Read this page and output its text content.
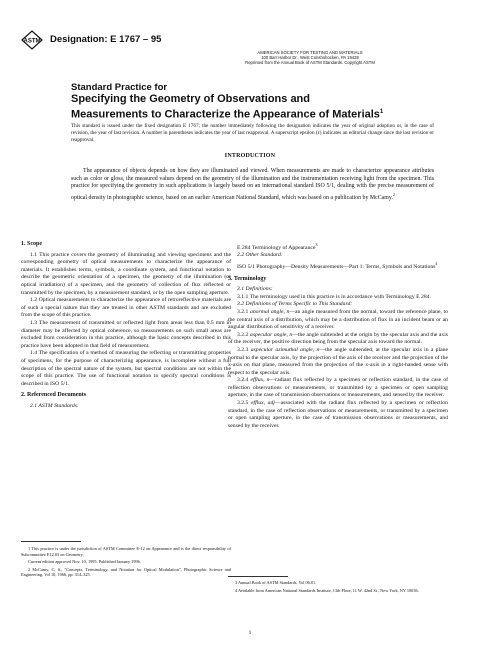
ASTM Designation: E 1767 – 95
AMERICAN SOCIETY FOR TESTING AND MATERIALS
100 Barr Harbor Dr., West Conshohocken, PA 19428
Reprinted from the Annual Book of ASTM Standards. Copyright ASTM
Standard Practice for
Specifying the Geometry of Observations and
Measurements to Characterize the Appearance of Materials$^1$
This standard is issued under the fixed designation E 1767; the number immediately following the designation indicates the year of original adoption or, in the case of revision, the year of last revision. A number in parentheses indicates the year of last reapproval. A superscript epsilon (ε) indicates an editorial change since the last revision or reapproval.
INTRODUCTION
The appearance of objects depends on how they are illuminated and viewed. When measurements are made to characterize appearance attributes such as color or gloss, the measured values depend on the geometry of the illumination and the instrumentation receiving light from the specimen. This practice for specifying the geometry in such applications is largely based on an international standard ISO 5/1, dealing with the precise measurement of optical density in photographic science, based on an earlier American National Standard, which was based on a publication by McCamy.$^2$
1. Scope

1.1 This practice covers the geometry of illuminating and viewing specimens and the corresponding geometry of optical measurements to characterize the appearance of materials. It establishes terms, symbols, a coordinate system, and functional notation to describe the geometric orientation of a specimen, the geometry of the illumination (or optical irradiation) of a specimen, and the geometry of collection of flux reflected or transmitted by the specimen, by a measurement standard, or by the open sampling aperture.

1.2 Optical measurements to characterize the appearance of retroreflective materials are of such a special nature that they are treated in other ASTM standards and are excluded from the scope of this practice.

1.3 The measurement of transmitted or reflected light from areas less than 0.5 mm in diameter may be affected by optical coherence, so measurements on such small areas are excluded from consideration in this practice, although the basic concepts described in this practice have been adopted in that field of measurement.

1.4 The specification of a method of measuring the reflecting or transmitting properties of specimens, for the purpose of characterizing appearance, is incomplete without a full description of the spectral nature of the system, but spectral conditions are not within the scope of this practice. The use of functional notation to specify spectral conditions is described in ISO 5/1.

2. Referenced Documents

2.1 ASTM Standards:

E 284 Terminology of Appearance$^3$

2.2 Other Standard:

ISO 5/1 Photography—Density Measurements—Part 1: Terms, Symbols and Notations$^4$

3. Terminology

3.1 Definitions:

3.1.1 The terminology used in this practice is in accordance with Terminology E 284.

3.2 Definitions of Terms Specific to This Standard:

3.2.1 anormal angle, n—an angle measured from the normal, toward the reference plane, to the central axis of a distribution, which may be a distribution of flux in an incident beam or an angular distribution of sensitivity of a receiver.

3.2.2 aspecular angle, n—the angle subtended at the origin by the specular axis and the axis of the receiver, the positive direction being from the specular axis toward the normal.

3.2.3 aspecular azimuthal angle, n—the angle subtended, at the specular axis in a plane normal to the specular axis, by the projection of the axis of the receiver and the projection of the x-axis on that plane, measured from the projection of the x-axis in a right-handed sense with respect to the specular axis.

3.2.4 efflux, n—radiant flux reflected by a specimen or reflection standard, in the case of reflection observations or measurements, or transmitted by a specimen or open sampling aperture, in the case of transmission observations or measurements, and sensed by the receiver.

3.2.5 efflux, adj—associated with the radiant flux reflected by a specimen or reflection standard, in the case of reflection observations or measurements, or transmitted by a specimen or open sampling aperture, in the case of transmission observations or measurements, and sensed by the receiver.

1 This practice is under the jurisdiction of ASTM Committee E-12 on Appearance and is the direct responsibility of Subcommittee E12.03 on Geometry.

Current edition approved Nov. 10, 1995. Published January 1996.

2 McCamy, C. S., "Concepts, Terminology, and Notation for Optical Modulation", Photographic Science and Engineering, Vol 10, 1966, pp. 314–325.

3 Annual Book of ASTM Standards, Vol 06.01.

4 Available from American National Standards Institute, 13th Floor, 11 W. 42nd St., New York, NY 10036.

1
